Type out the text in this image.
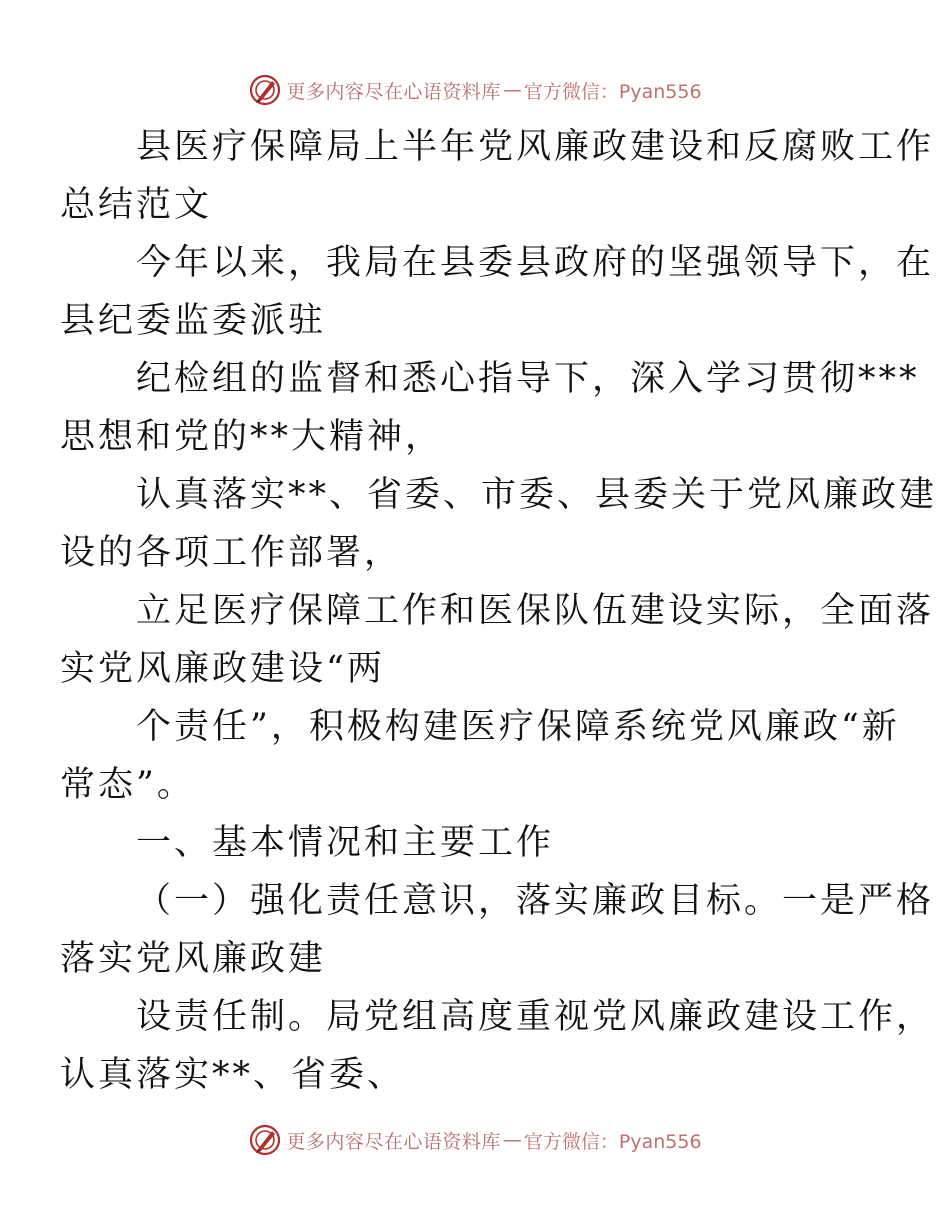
更多内容尽在心语资料库 — 官方微信：Pyan556

县医疗保障局上半年党风廉政建设和反腐败工作
总结范文

今年以来，我局在县委县政府的坚强领导下，在
县纪委监委派驻

纪检组的监督和悉心指导下，深入学习贯彻***
思想和党的**大精神，

认真落实**、省委、市委、县委关于党风廉政建
设的各项工作部署，

立足医疗保障工作和医保队伍建设实际，全面落
实党风廉政建设“两

个责任”，积极构建医疗保障系统党风廉政“新
常态”。

一、基本情况和主要工作

（一）强化责任意识，落实廉政目标。一是严格
落实党风廉政建

设责任制。局党组高度重视党风廉政建设工作，
认真落实**、省委、

更多内容尽在心语资料库 — 官方微信：Pyan556
